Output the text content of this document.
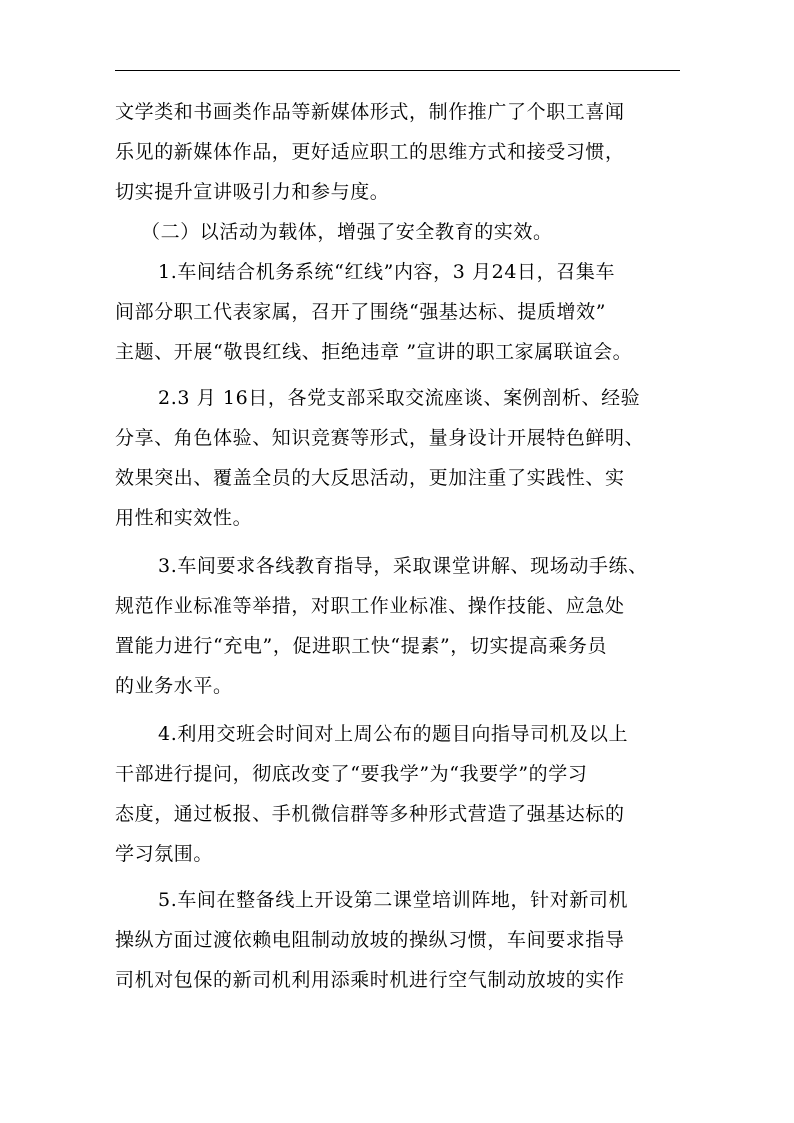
文学类和书画类作品等新媒体形式，制作推广了个职工喜闻
乐见的新媒体作品，更好适应职工的思维方式和接受习惯，
切实提升宣讲吸引力和参与度。
（二）以活动为载体，增强了安全教育的实效。
1.车间结合机务系统“红线”内容，3 月24日，召集车
间部分职工代表家属，召开了围绕“强基达标、提质增效”
主题、开展“敬畏红线、拒绝违章 ”宣讲的职工家属联谊会。
2.3 月 16日，各党支部采取交流座谈、案例剖析、经验
分享、角色体验、知识竞赛等形式，量身设计开展特色鲜明、
效果突出、覆盖全员的大反思活动，更加注重了实践性、实
用性和实效性。
3.车间要求各线教育指导，采取课堂讲解、现场动手练、
规范作业标准等举措，对职工作业标准、操作技能、应急处
置能力进行“充电”，促进职工快“提素”，切实提高乘务员
的业务水平。
4.利用交班会时间对上周公布的题目向指导司机及以上
干部进行提问，彻底改变了“要我学”为“我要学”的学习
态度，通过板报、手机微信群等多种形式营造了强基达标的
学习氛围。
5.车间在整备线上开设第二课堂培训阵地，针对新司机
操纵方面过渡依赖电阻制动放坡的操纵习惯，车间要求指导
司机对包保的新司机利用添乘时机进行空气制动放坡的实作
